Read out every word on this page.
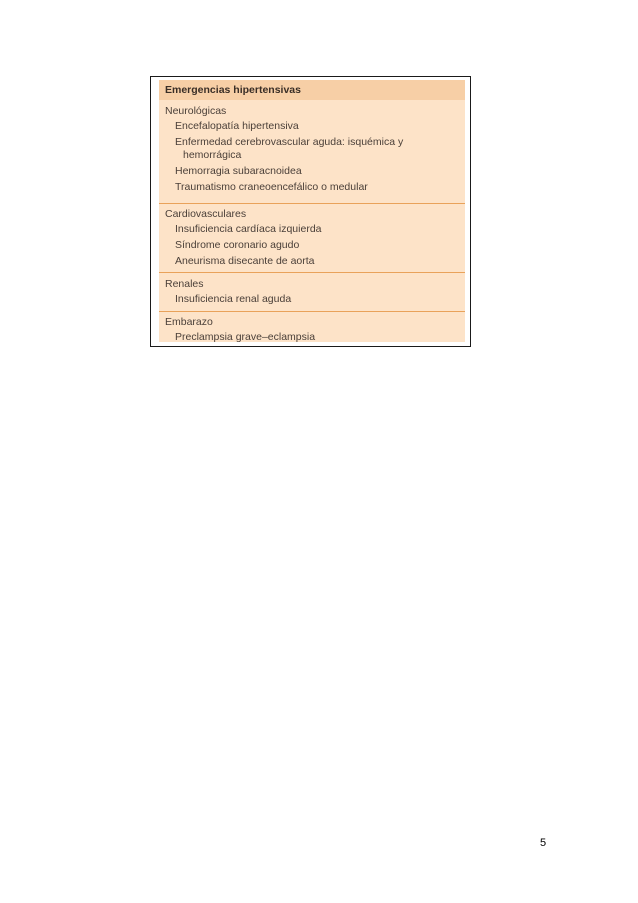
Emergencias hipertensivas
Neurológicas
Encefalopatía hipertensiva
Enfermedad cerebrovascular aguda: isquémica y
hemorrágica
Hemorragia subaracnoidea
Traumatismo craneoencefálico o medular
Cardiovasculares
Insuficiencia cardíaca izquierda
Síndrome coronario agudo
Aneurisma disecante de aorta
Renales
Insuficiencia renal aguda
Embarazo
Preclampsia grave–eclampsia
5
